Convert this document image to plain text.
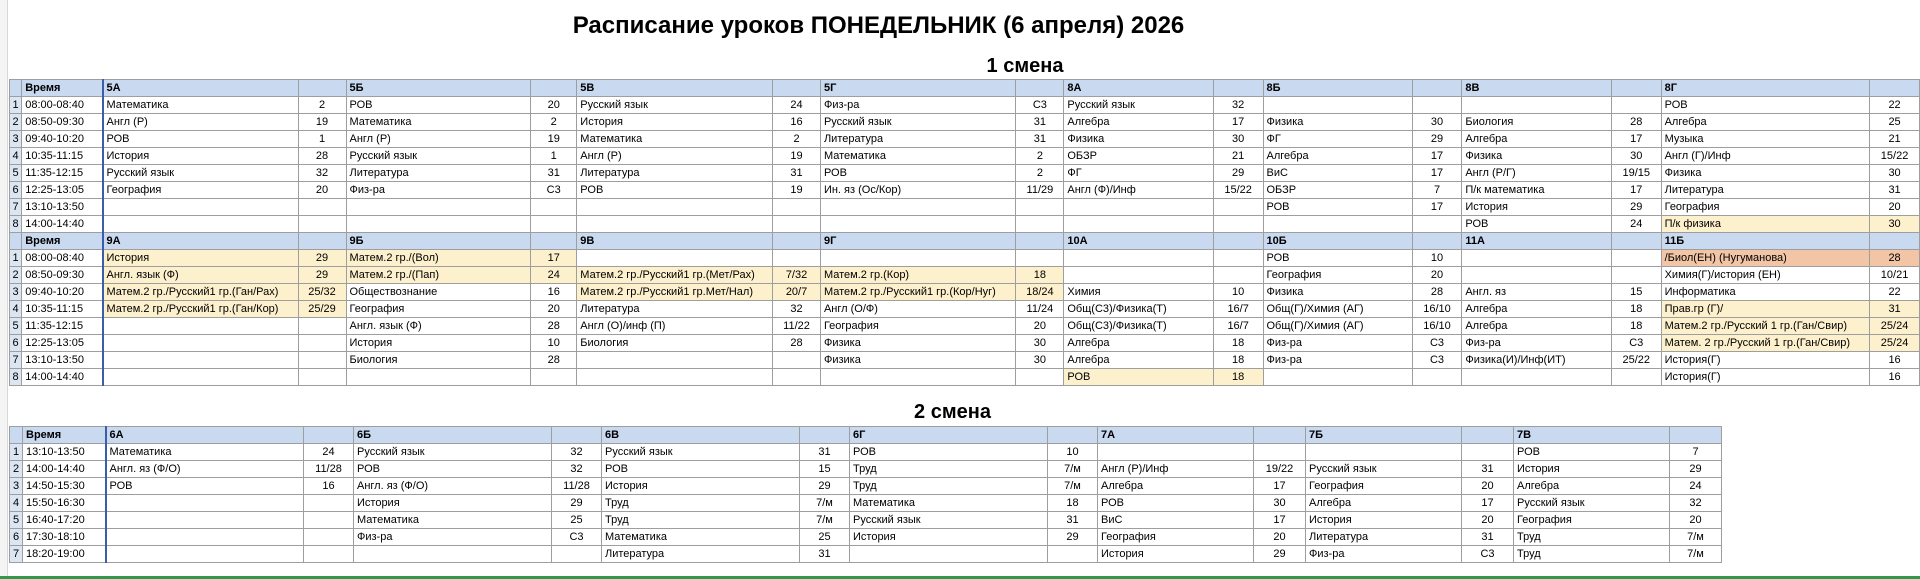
Расписание уроков ПОНЕДЕЛЬНИК (6 апреля) 2026
1 смена
	Время	5А		5Б		5В		5Г		8А		8Б		8В		8Г	
1	08:00-08:40	Математика	2	РОВ	20	Русский язык	24	Физ-ра	С3	Русский язык	32					РОВ	22
2	08:50-09:30	Англ (Р)	19	Математика	2	История	16	Русский язык	31	Алгебра	17	Физика	30	Биология	28	Алгебра	25
3	09:40-10:20	РОВ	1	Англ (Р)	19	Математика	2	Литература	31	Физика	30	ФГ	29	Алгебра	17	Музыка	21
4	10:35-11:15	История	28	Русский язык	1	Англ (Р)	19	Математика	2	ОБЗР	21	Алгебра	17	Физика	30	Англ (Г)/Инф	15/22
5	11:35-12:15	Русский язык	32	Литература	31	Литература	31	РОВ	2	ФГ	29	ВиС	17	Англ (Р/Г)	19/15	Физика	30
6	12:25-13:05	География	20	Физ-ра	С3	РОВ	19	Ин. яз (Ос/Кор)	11/29	Англ (Ф)/Инф	15/22	ОБЗР	7	П/к математика	17	Литература	31
7	13:10-13:50											РОВ	17	История	29	География	20
8	14:00-14:40													РОВ	24	П/к физика	30
	Время	9А		9Б		9В		9Г		10А		10Б		11А		11Б	
1	08:00-08:40	История	29	Матем.2 гр./(Вол)	17							РОВ	10			/Биол(ЕН) (Нугуманова)	28
2	08:50-09:30	Англ. язык (Ф)	29	Матем.2 гр./(Пап)	24	Матем.2 гр./Русский1 гр.(Мет/Рах)	7/32	Матем.2 гр.(Кор)	18			География	20			Химия(Г)/история (ЕН)	10/21
3	09:40-10:20	Матем.2 гр./Русский1 гр.(Ган/Рах)	25/32	Обществознание	16	Матем.2 гр./Русский1 гр.Мет/Нал)	20/7	Матем.2 гр./Русский1 гр.(Кор/Нуг)	18/24	Химия	10	Физика	28	Англ. яз	15	Информатика	22
4	10:35-11:15	Матем.2 гр./Русский1 гр.(Ган/Кор)	25/29	География	20	Литература	32	Англ (О/Ф)	11/24	Общ(С3)/Физика(Т)	16/7	Общ(Г)/Химия (АГ)	16/10	Алгебра	18	Прав.гр (Г)/	31
5	11:35-12:15			Англ. язык (Ф)	28	Англ (О)/инф (П)	11/22	География	20	Общ(С3)/Физика(Т)	16/7	Общ(Г)/Химия (АГ)	16/10	Алгебра	18	Матем.2 гр./Русский 1 гр.(Ган/Свир)	25/24
6	12:25-13:05			История	10	Биология	28	Физика	30	Алгебра	18	Физ-ра	С3	Физ-ра	С3	Матем. 2 гр./Русский 1 гр.(Ган/Свир)	25/24
7	13:10-13:50			Биология	28			Физика	30	Алгебра	18	Физ-ра	С3	Физика(И)/Инф(ИТ)	25/22	История(Г)	16
8	14:00-14:40									РОВ	18					История(Г)	16
2 смена
	Время	6А		6Б		6В		6Г		7А		7Б		7В	
1	13:10-13:50	Математика	24	Русский язык	32	Русский язык	31	РОВ	10					РОВ	7
2	14:00-14:40	Англ. яз (Ф/О)	11/28	РОВ	32	РОВ	15	Труд	7/м	Англ (Р)/Инф	19/22	Русский язык	31	История	29
3	14:50-15:30	РОВ	16	Англ. яз (Ф/О)	11/28	История	29	Труд	7/м	Алгебра	17	География	20	Алгебра	24
4	15:50-16:30			История	29	Труд	7/м	Математика	18	РОВ	30	Алгебра	17	Русский язык	32
5	16:40-17:20			Математика	25	Труд	7/м	Русский язык	31	ВиС	17	История	20	География	20
6	17:30-18:10			Физ-ра	С3	Математика	25	История	29	География	20	Литература	31	Труд	7/м
7	18:20-19:00					Литература	31			История	29	Физ-ра	С3	Труд	7/м
